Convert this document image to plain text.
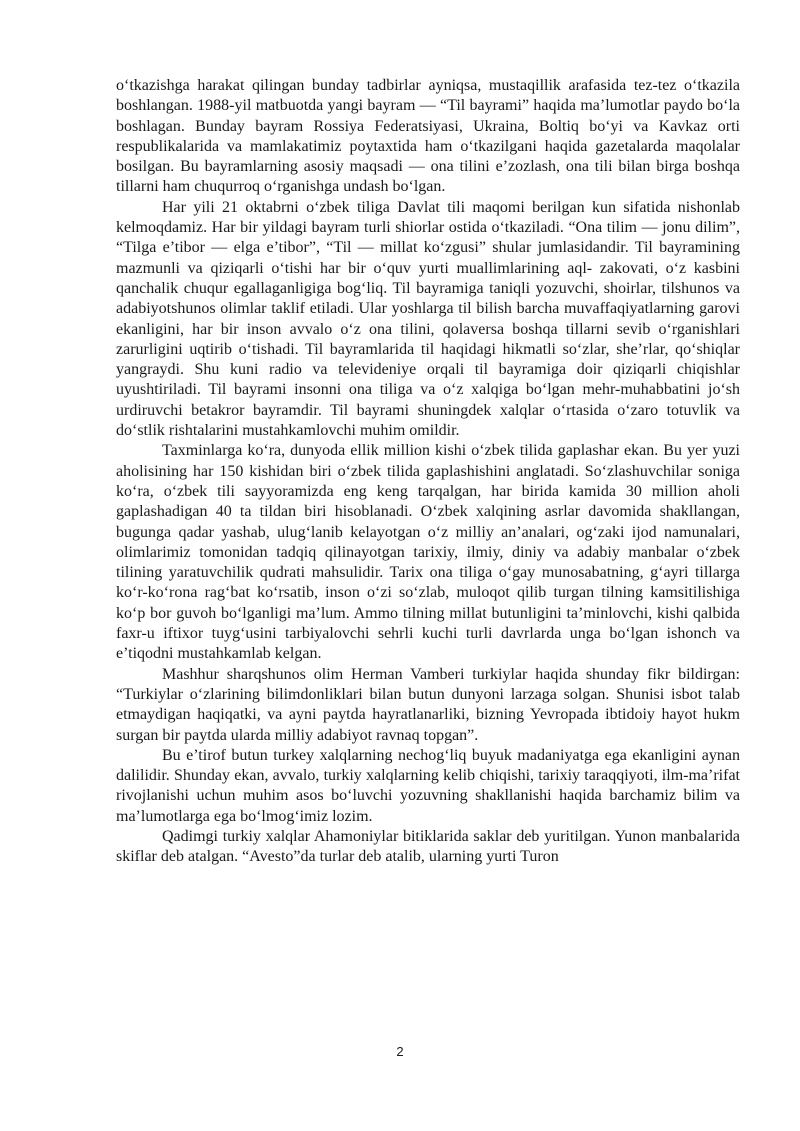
o‘tkazishga harakat qilingan bunday tadbirlar ayniqsa, mustaqillik arafasida tez-tez o‘tkazila boshlangan. 1988-yil matbuotda yangi bayram — “Til bayrami” haqida ma’lumotlar paydo bo‘la boshlagan. Bunday bayram Rossiya Federatsiyasi, Ukraina, Boltiq bo‘yi va Kavkaz orti respublikalarida va mamlakatimiz poytaxtida ham o‘tkazilgani haqida gazetalarda maqolalar bosilgan. Bu bayramlarning asosiy maqsadi — ona tilini e’zozlash, ona tili bilan birga boshqa tillarni ham chuqurroq o‘rganishga undash bo‘lgan.

Har yili 21 oktabrni o‘zbek tiliga Davlat tili maqomi berilgan kun sifatida nishonlab kelmoqdamiz. Har bir yildagi bayram turli shiorlar ostida o‘tkaziladi. “Ona tilim — jonu dilim”, “Tilga e’tibor — elga e’tibor”, “Til — millat ko‘zgusi” shular jumlasidandir. Til bayramining mazmunli va qiziqarli o‘tishi har bir o‘quv yurti muallimlarining aql- zakovati, o‘z kasbini qanchalik chuqur egallaganligiga bog‘liq. Til bayramiga taniqli yozuvchi, shoirlar, tilshunos va adabiyotshunos olimlar taklif etiladi. Ular yoshlarga til bilish barcha muvaffaqiyatlarning garovi ekanligini, har bir inson avvalo o‘z ona tilini, qolaversa boshqa tillarni sevib o‘rganishlari zarurligini uqtirib o‘tishadi. Til bayramlarida til haqidagi hikmatli so‘zlar, she’rlar, qo‘shiqlar yangraydi. Shu kuni radio va televideniye orqali til bayramiga doir qiziqarli chiqishlar uyushtiriladi. Til bayrami insonni ona tiliga va o‘z xalqiga bo‘lgan mehr-muhabbatini jo‘sh urdiruvchi betakror bayramdir. Til bayrami shuningdek xalqlar o‘rtasida o‘zaro totuvlik va do‘stlik rishtalarini mustahkamlovchi muhim omildir.

Taxminlarga ko‘ra, dunyoda ellik million kishi o‘zbek tilida gaplashar ekan. Bu yer yuzi aholisining har 150 kishidan biri o‘zbek tilida gaplashishini anglatadi. So‘zlashuvchilar soniga ko‘ra, o‘zbek tili sayyoramizda eng keng tarqalgan, har birida kamida 30 million aholi gaplashadigan 40 ta tildan biri hisoblanadi. O‘zbek xalqining asrlar davomida shakllangan, bugunga qadar yashab, ulug‘lanib kelayotgan o‘z milliy an’analari, og‘zaki ijod namunalari, olimlarimiz tomonidan tadqiq qilinayotgan tarixiy, ilmiy, diniy va adabiy manbalar o‘zbek tilining yaratuvchilik qudrati mahsulidir. Tarix ona tiliga o‘gay munosabatning, g‘ayri tillarga ko‘r-ko‘rona rag‘bat ko‘rsatib, inson o‘zi so‘zlab, muloqot qilib turgan tilning kamsitilishiga ko‘p bor guvoh bo‘lganligi ma’lum. Ammo tilning millat butunligini ta’minlovchi, kishi qalbida faxr-u iftixor tuyg‘usini tarbiyalovchi sehrli kuchi turli davrlarda unga bo‘lgan ishonch va e’tiqodni mustahkamlab kelgan.

Mashhur sharqshunos olim Herman Vamberi turkiylar haqida shunday fikr bildirgan: “Turkiylar o‘zlarining bilimdonliklari bilan butun dunyoni larzaga solgan. Shunisi isbot talab etmaydigan haqiqatki, va ayni paytda hayratlanarliki, bizning Yevropada ibtidoiy hayot hukm surgan bir paytda ularda milliy adabiyot ravnaq topgan”.

Bu e’tirof butun turkey xalqlarning nechog‘liq buyuk madaniyatga ega ekanligini aynan dalilidir. Shunday ekan, avvalo, turkiy xalqlarning kelib chiqishi, tarixiy taraqqiyoti, ilm-ma’rifat rivojlanishi uchun muhim asos bo‘luvchi yozuvning shakllanishi haqida barchamiz bilim va ma’lumotlarga ega bo‘lmog‘imiz lozim.

Qadimgi turkiy xalqlar Ahamoniylar bitiklarida saklar deb yuritilgan. Yunon manbalarida skiflar deb atalgan. “Avesto”da turlar deb atalib, ularning yurti Turon

2
